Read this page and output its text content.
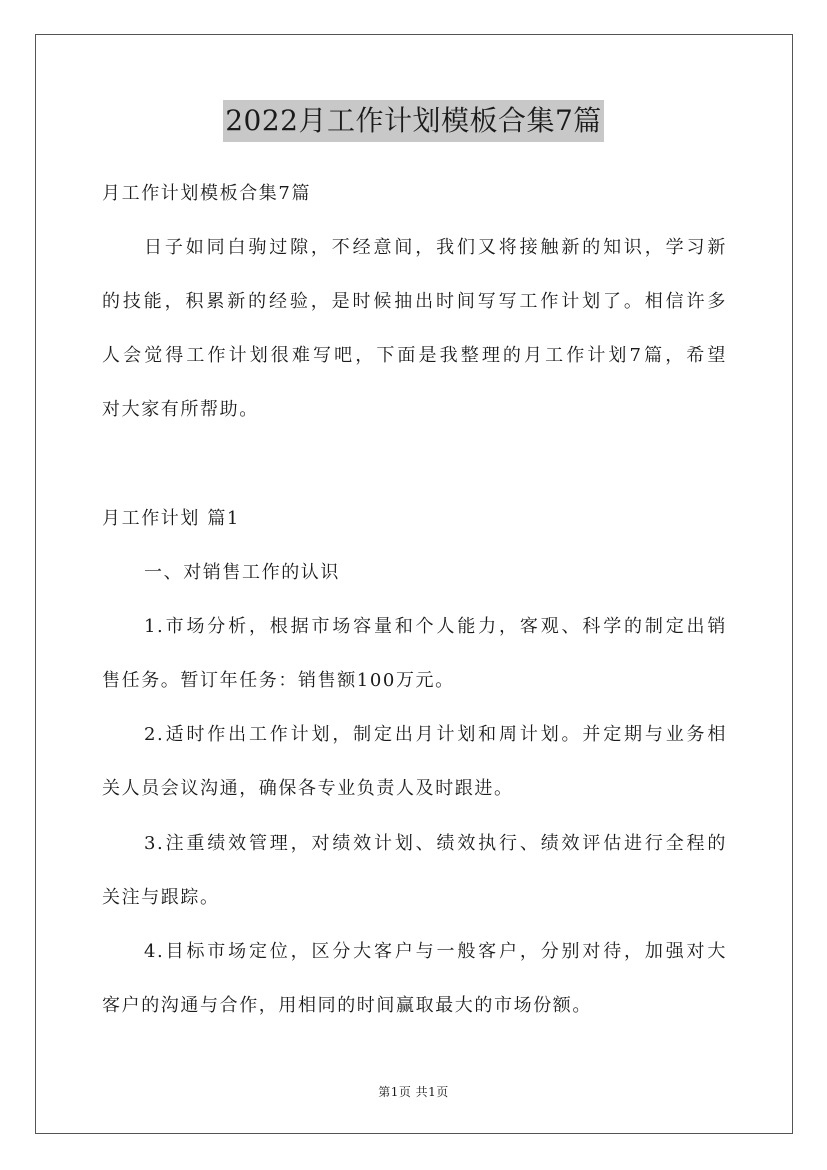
2022月工作计划模板合集7篇
月工作计划模板合集7篇
日子如同白驹过隙，不经意间，我们又将接触新的知识，学习新
的技能，积累新的经验，是时候抽出时间写写工作计划了。相信许多
人会觉得工作计划很难写吧，下面是我整理的月工作计划7篇，希望
对大家有所帮助。
月工作计划 篇1
一、对销售工作的认识
1.市场分析，根据市场容量和个人能力，客观、科学的制定出销
售任务。暂订年任务：销售额100万元。
2.适时作出工作计划，制定出月计划和周计划。并定期与业务相
关人员会议沟通，确保各专业负责人及时跟进。
3.注重绩效管理，对绩效计划、绩效执行、绩效评估进行全程的
关注与跟踪。
4.目标市场定位，区分大客户与一般客户，分别对待，加强对大
客户的沟通与合作，用相同的时间赢取最大的市场份额。
第1页 共1页
